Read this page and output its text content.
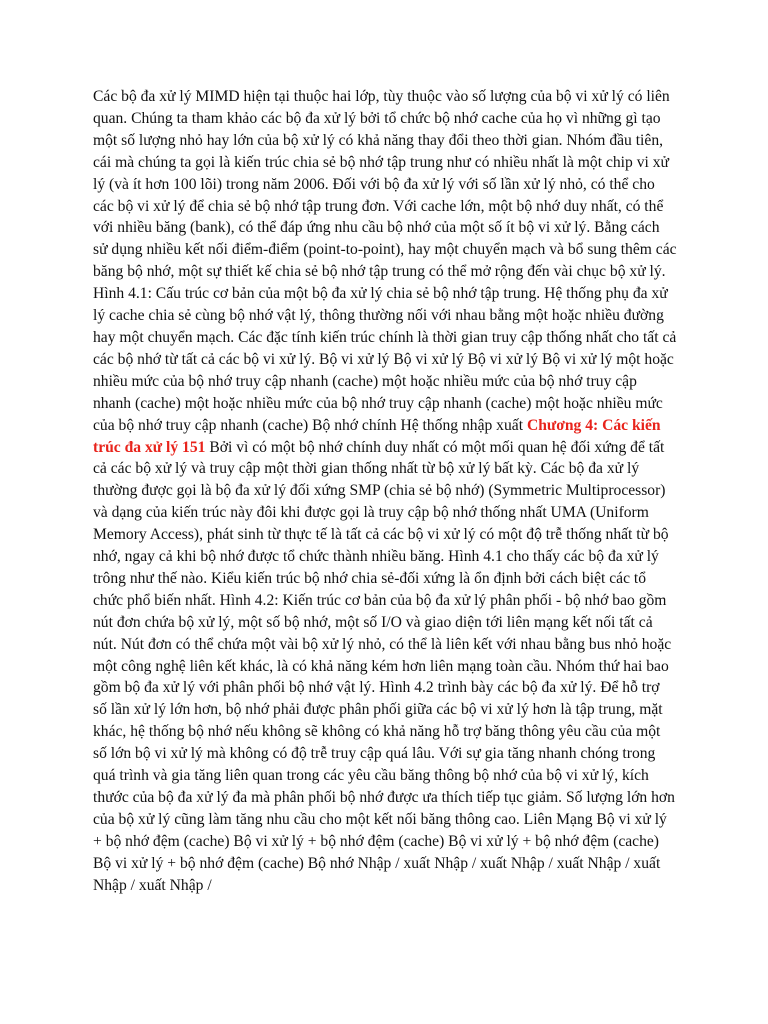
Các bộ đa xử lý MIMD hiện tại thuộc hai lớp, tùy thuộc vào số lượng của bộ vi xử lý có liên quan. Chúng ta tham khảo các bộ đa xử lý bởi tổ chức bộ nhớ cache của họ vì những gì tạo một số lượng nhỏ hay lớn của bộ xử lý có khả năng thay đổi theo thời gian. Nhóm đầu tiên, cái mà chúng ta gọi là kiến trúc chia sẻ bộ nhớ tập trung như có nhiều nhất là một chip vi xử lý (và ít hơn 100 lõi) trong năm 2006. Đối với bộ đa xử lý với số lần xử lý nhỏ, có thể cho các bộ vi xử lý để chia sẻ bộ nhớ tập trung đơn. Với cache lớn, một bộ nhớ duy nhất, có thể với nhiều băng (bank), có thể đáp ứng nhu cầu bộ nhớ của một số ít bộ vi xử lý. Bằng cách sử dụng nhiều kết nối điểm-điểm (point-to-point), hay một chuyển mạch và bổ sung thêm các băng bộ nhớ, một sự thiết kế chia sẻ bộ nhớ tập trung có thể mở rộng đến vài chục bộ xử lý. Hình 4.1: Cấu trúc cơ bản của một bộ đa xử lý chia sẻ bộ nhớ tập trung. Hệ thống phụ đa xử lý cache chia sẻ cùng bộ nhớ vật lý, thông thường nối với nhau bằng một hoặc nhiều đường hay một chuyển mạch. Các đặc tính kiến trúc chính là thời gian truy cập thống nhất cho tất cả các bộ nhớ từ tất cả các bộ vi xử lý. Bộ vi xử lý Bộ vi xử lý Bộ vi xử lý Bộ vi xử lý một hoặc nhiều mức của bộ nhớ truy cập nhanh (cache) một hoặc nhiều mức của bộ nhớ truy cập nhanh (cache) một hoặc nhiều mức của bộ nhớ truy cập nhanh (cache) một hoặc nhiều mức của bộ nhớ truy cập nhanh (cache) Bộ nhớ chính Hệ thống nhập xuất Chương 4: Các kiến trúc đa xử lý 151 Bởi vì có một bộ nhớ chính duy nhất có một mối quan hệ đối xứng để tất cả các bộ xử lý và truy cập một thời gian thống nhất từ bộ xử lý bất kỳ. Các bộ đa xử lý thường được gọi là bộ đa xử lý đối xứng SMP (chia sẻ bộ nhớ) (Symmetric Multiprocessor) và dạng của kiến trúc này đôi khi được gọi là truy cập bộ nhớ thống nhất UMA (Uniform Memory Access), phát sinh từ thực tế là tất cả các bộ vi xử lý có một độ trễ thống nhất từ bộ nhớ, ngay cả khi bộ nhớ được tổ chức thành nhiều băng. Hình 4.1 cho thấy các bộ đa xử lý trông như thế nào. Kiểu kiến trúc bộ nhớ chia sẻ-đối xứng là ổn định bởi cách biệt các tổ chức phổ biến nhất. Hình 4.2: Kiến trúc cơ bản của bộ đa xử lý phân phối - bộ nhớ bao gồm nút đơn chứa bộ xử lý, một số bộ nhớ, một số I/O và giao diện tới liên mạng kết nối tất cả nút. Nút đơn có thể chứa một vài bộ xử lý nhỏ, có thể là liên kết với nhau bằng bus nhỏ hoặc một công nghệ liên kết khác, là có khả năng kém hơn liên mạng toàn cầu. Nhóm thứ hai bao gồm bộ đa xử lý với phân phối bộ nhớ vật lý. Hình 4.2 trình bày các bộ đa xử lý. Để hỗ trợ số lần xử lý lớn hơn, bộ nhớ phải được phân phối giữa các bộ vi xử lý hơn là tập trung, mặt khác, hệ thống bộ nhớ nếu không sẽ không có khả năng hỗ trợ băng thông yêu cầu của một số lớn bộ vi xử lý mà không có độ trễ truy cập quá lâu. Với sự gia tăng nhanh chóng trong quá trình và gia tăng liên quan trong các yêu cầu băng thông bộ nhớ của bộ vi xử lý, kích thước của bộ đa xử lý đa mà phân phối bộ nhớ được ưa thích tiếp tục giảm. Số lượng lớn hơn của bộ xử lý cũng làm tăng nhu cầu cho một kết nối băng thông cao. Liên Mạng Bộ vi xử lý + bộ nhớ đệm (cache) Bộ vi xử lý + bộ nhớ đệm (cache) Bộ vi xử lý + bộ nhớ đệm (cache) Bộ vi xử lý + bộ nhớ đệm (cache) Bộ nhớ Nhập / xuất Nhập / xuất Nhập / xuất Nhập / xuất Nhập / xuất Nhập /
